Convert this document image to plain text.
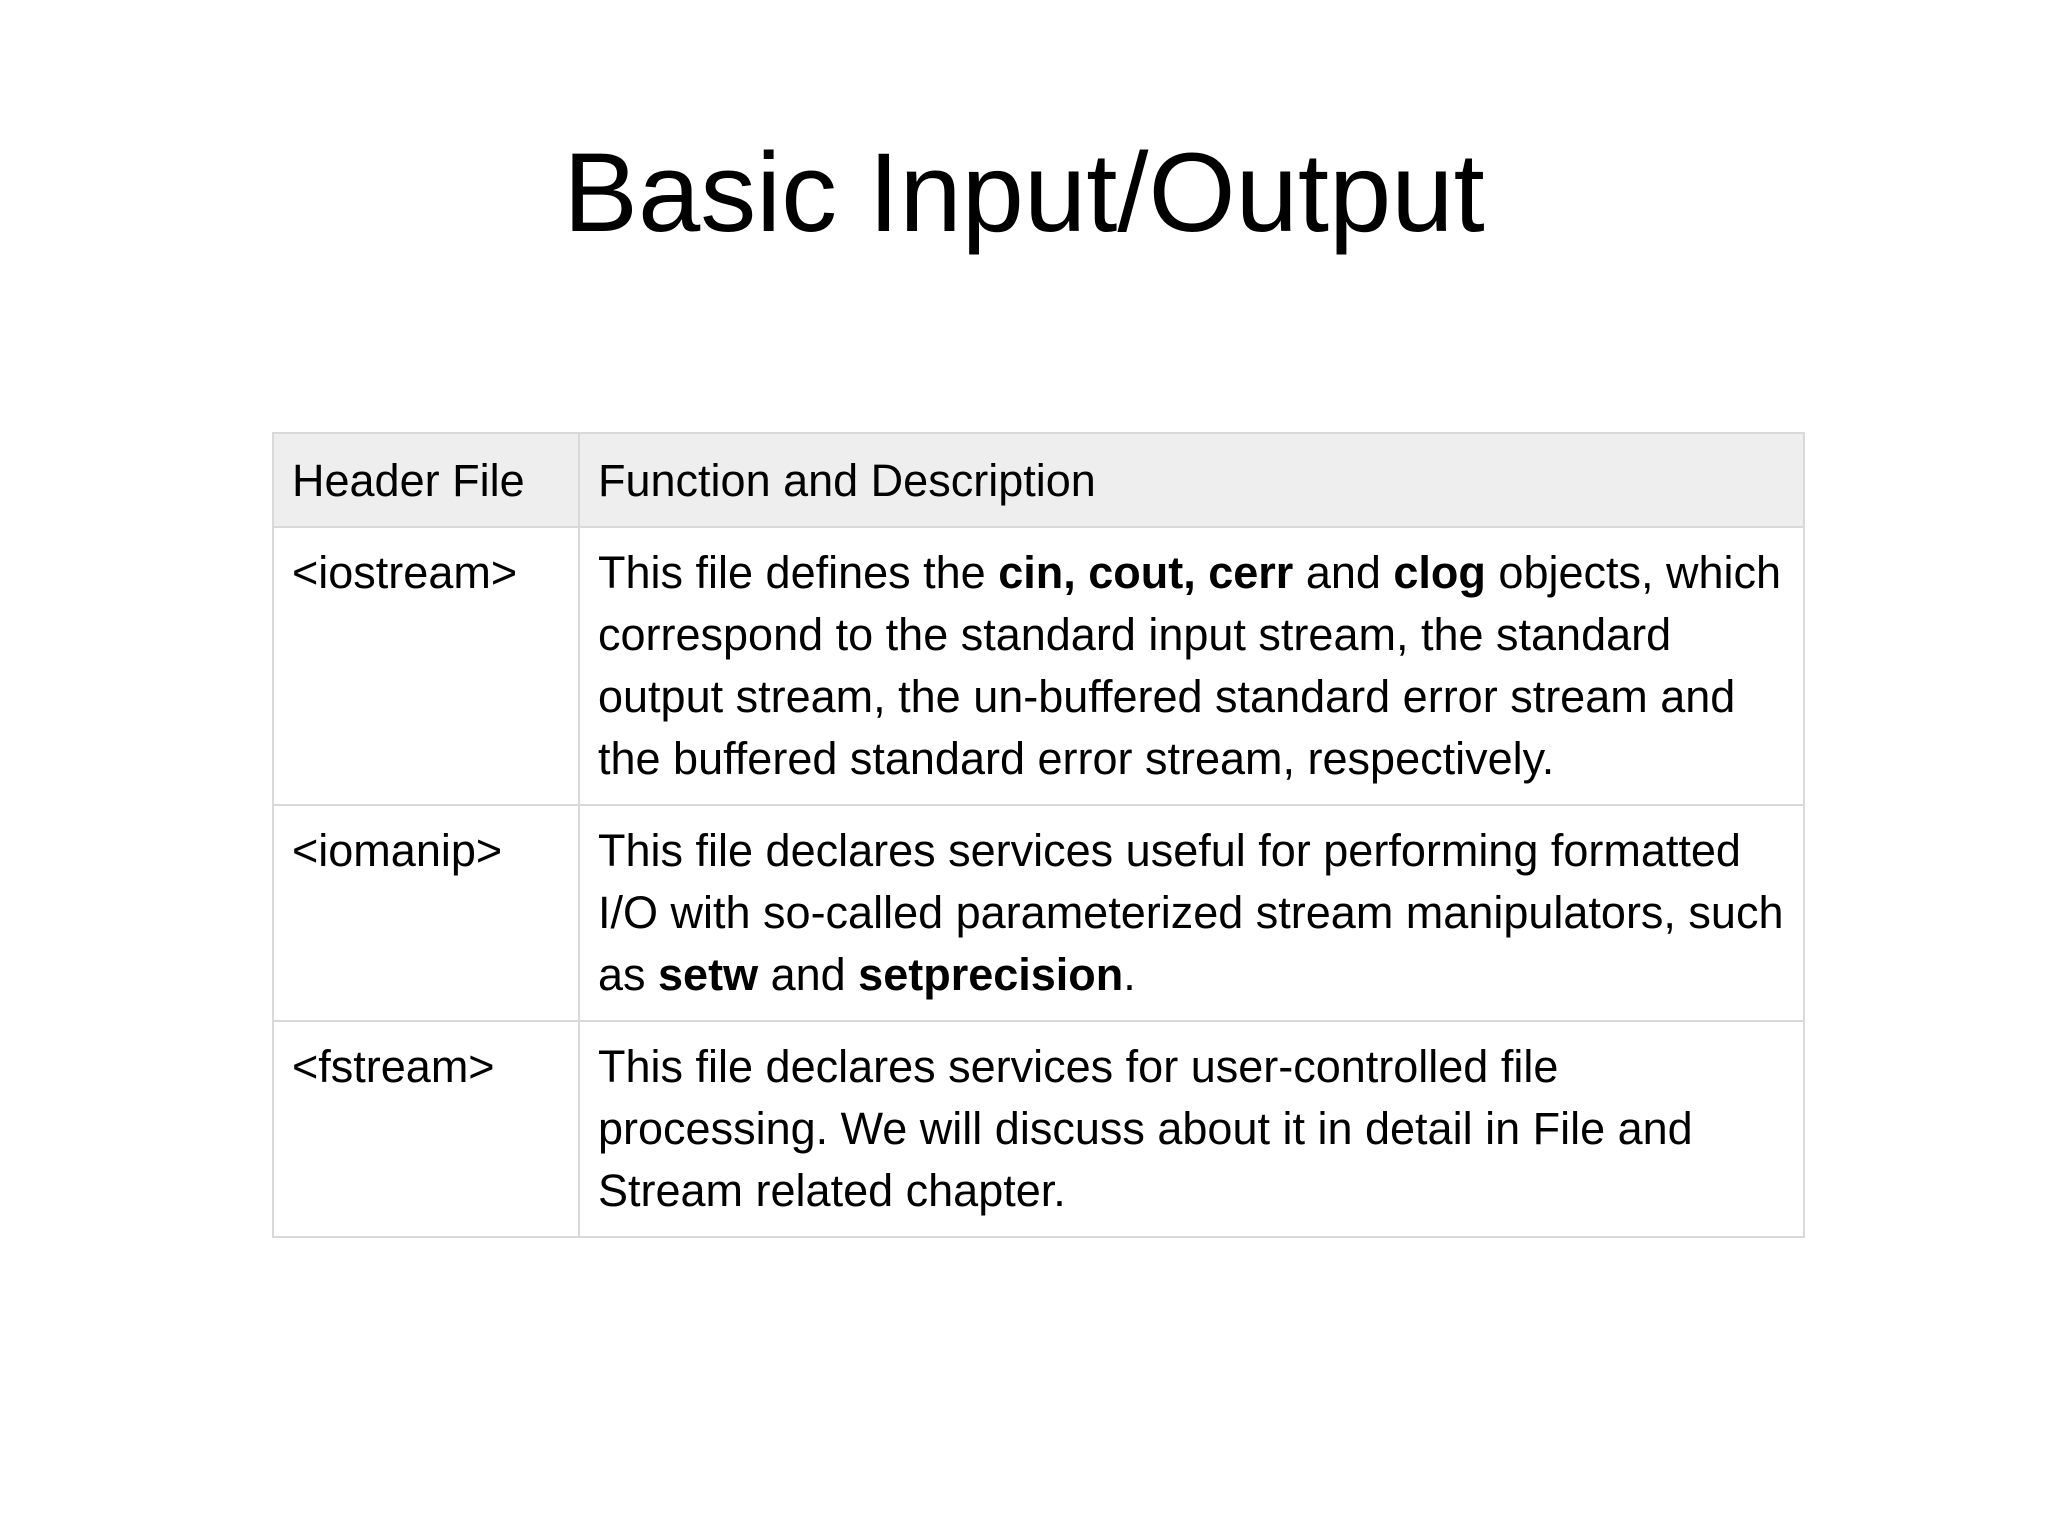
Basic Input/Output
Header File	Function and Description
<iostream>	This file defines the cin, cout, cerr and clog objects, which correspond to the standard input stream, the standard output stream, the un-buffered standard error stream and the buffered standard error stream, respectively.
<iomanip>	This file declares services useful for performing formatted I/O with so-called parameterized stream manipulators, such as setw and setprecision.
<fstream>	This file declares services for user-controlled file processing. We will discuss about it in detail in File and Stream related chapter.
